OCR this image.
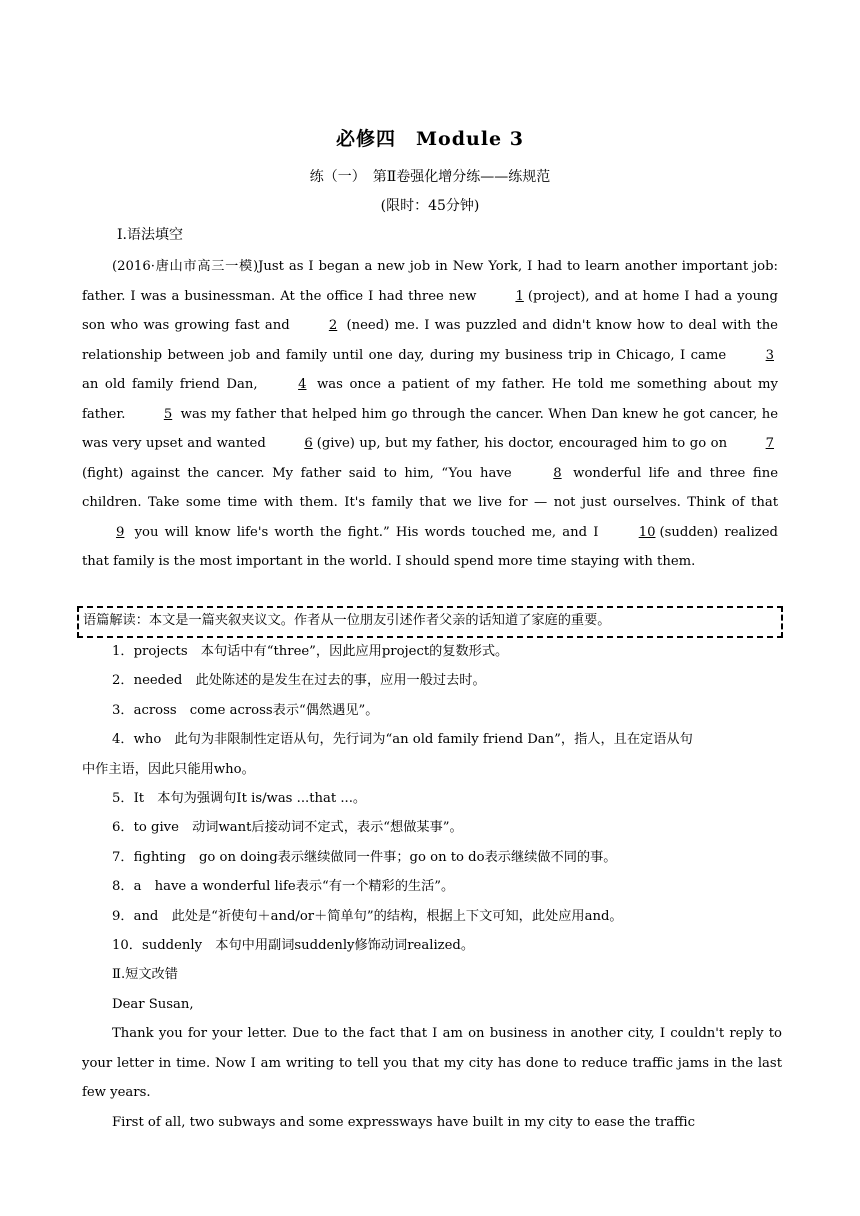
必修四　Module 3
练（一）　第Ⅱ卷强化增分练——练规范
(限时：45分钟)
Ⅰ.语法填空

(2016·唐山市高三一模)Just as I began a new job in New York, I had to learn another important job: father. I was a businessman. At the office I had three new	1 (project), and at home I had a young son who was growing fast and	2 (need) me. I was puzzled and didn't know how to deal with the relationship between job and family until one day, during my business trip in Chicago, I came	3 an old family friend Dan,	4 was once a patient of my father. He told me something about my father.	5 was my father that helped him go through the cancer. When Dan knew he got cancer, he was very upset and wanted	6 (give) up, but my father, his doctor, encouraged him to go on	7(fight) against the cancer. My father said to him, “You have	8 wonderful life and three fine children. Take some time with them. It's family that we live for — not just ourselves. Think of that 9 you will know life's worth the fight.” His words touched me, and I	10 (sudden) realized that family is the most important in the world. I should spend more time staying with them.

语篇解读：本文是一篇夹叙夹议文。作者从一位朋友引述作者父亲的话知道了家庭的重要。
1．projects　本句话中有“three”，因此应用project的复数形式。
2．needed　此处陈述的是发生在过去的事，应用一般过去时。
3．across　come across表示“偶然遇见”。
4．who　此句为非限制性定语从句，先行词为“an old family friend Dan”，指人，且在定语从句
中作主语，因此只能用who。
5．It　本句为强调句It is/was ...that ...。
6．to give　动词want后接动词不定式，表示“想做某事”。
7．fighting　go on doing表示继续做同一件事；go on to do表示继续做不同的事。
8．a　have a wonderful life表示“有一个精彩的生活”。
9．and　此处是“祈使句＋and/or＋简单句”的结构，根据上下文可知，此处应用and。
10．suddenly　本句中用副词suddenly修饰动词realized。
Ⅱ.短文改错
Dear Susan,

Thank you for your letter. Due to the fact that I am on business in another city, I couldn't reply to your letter in time. Now I am writing to tell you that my city has done to reduce traffic jams in the last few years.

First of all, two subways and some expressways have built in my city to ease the traffic
